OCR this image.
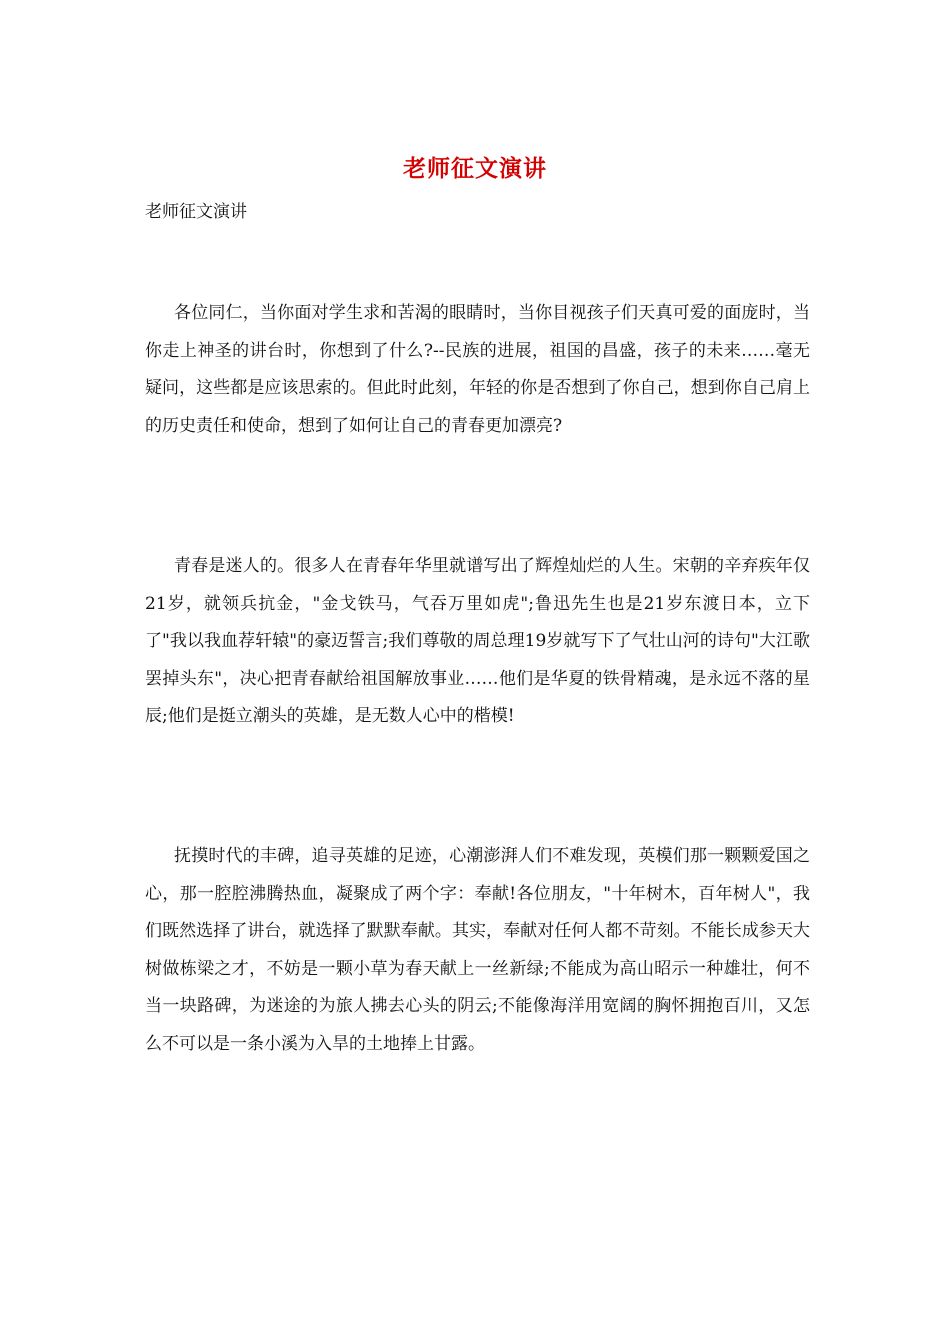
老师征文演讲
老师征文演讲

各位同仁，当你面对学生求和苦渴的眼睛时，当你目视孩子们天真可爱的面庞时，当你走上神圣的讲台时，你想到了什么?--民族的进展，祖国的昌盛，孩子的未来……毫无疑问，这些都是应该思索的。但此时此刻，年轻的你是否想到了你自己，想到你自己肩上的历史责任和使命，想到了如何让自己的青春更加漂亮?

青春是迷人的。很多人在青春年华里就谱写出了辉煌灿烂的人生。宋朝的辛弃疾年仅21岁，就领兵抗金，"金戈铁马，气吞万里如虎";鲁迅先生也是21岁东渡日本，立下了"我以我血荐轩辕"的豪迈誓言;我们尊敬的周总理19岁就写下了气壮山河的诗句"大江歌罢掉头东"，决心把青春献给祖国解放事业……他们是华夏的铁骨精魂，是永远不落的星辰;他们是挺立潮头的英雄，是无数人心中的楷模!

抚摸时代的丰碑，追寻英雄的足迹，心潮澎湃人们不难发现，英模们那一颗颗爱国之心，那一腔腔沸腾热血，凝聚成了两个字：奉献!各位朋友，"十年树木，百年树人"，我们既然选择了讲台，就选择了默默奉献。其实，奉献对任何人都不苛刻。不能长成参天大树做栋梁之才，不妨是一颗小草为春天献上一丝新绿;不能成为高山昭示一种雄壮，何不当一块路碑，为迷途的为旅人拂去心头的阴云;不能像海洋用宽阔的胸怀拥抱百川，又怎么不可以是一条小溪为入旱的土地捧上甘露。
